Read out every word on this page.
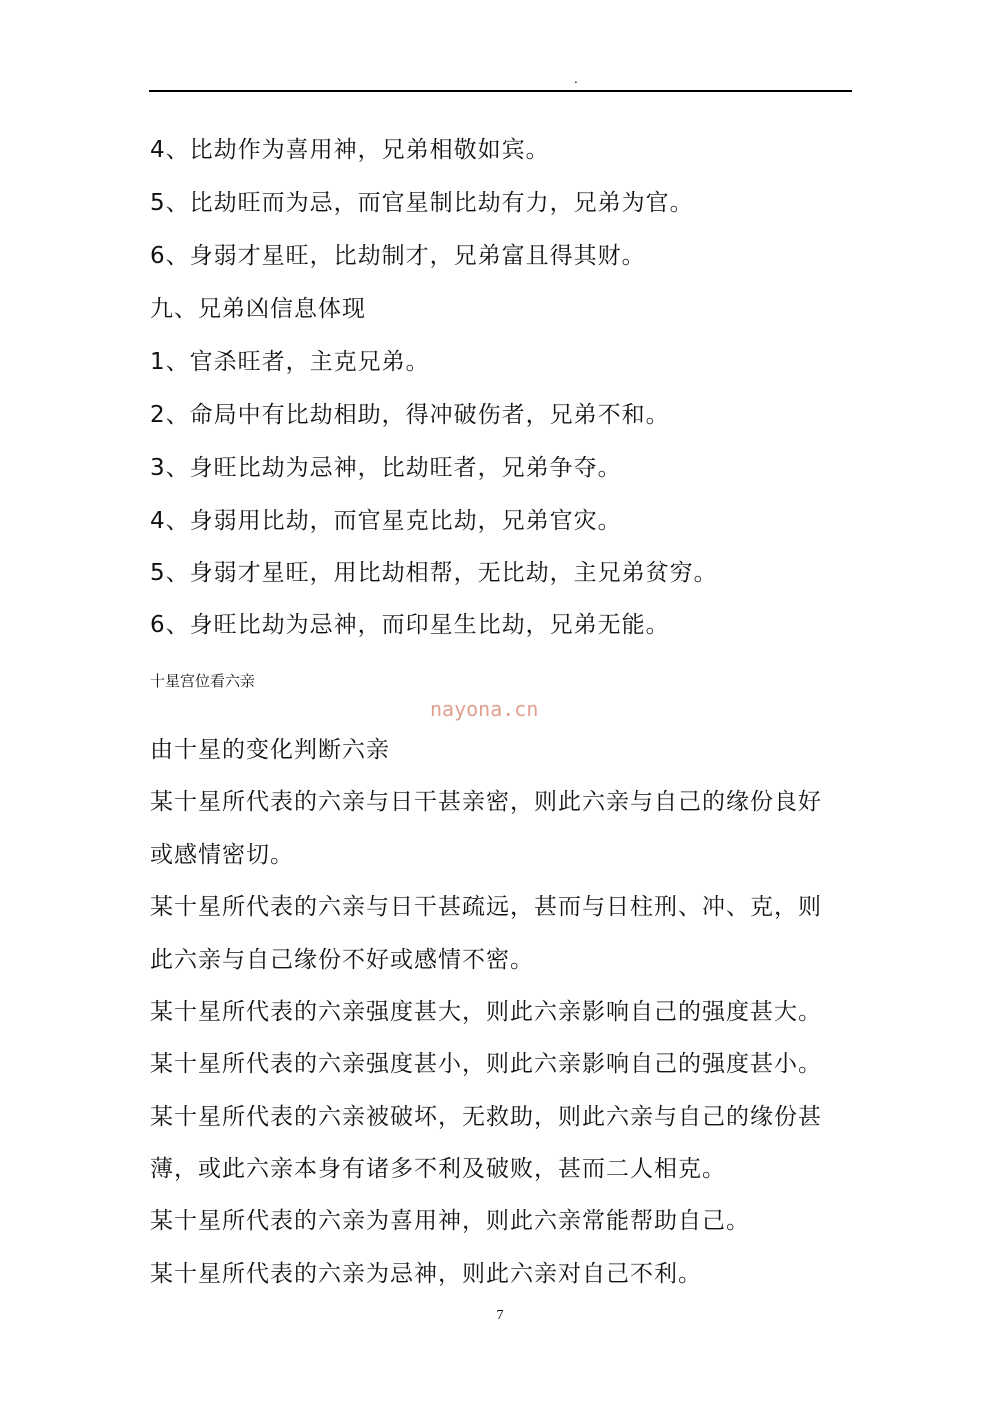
.
4、比劫作为喜用神，兄弟相敬如宾。
5、比劫旺而为忌，而官星制比劫有力，兄弟为官。
6、身弱才星旺，比劫制才，兄弟富且得其财。
九、兄弟凶信息体现
1、官杀旺者，主克兄弟。
2、命局中有比劫相助，得冲破伤者，兄弟不和。
3、身旺比劫为忌神，比劫旺者，兄弟争夺。
4、身弱用比劫，而官星克比劫，兄弟官灾。
5、身弱才星旺，用比劫相帮，无比劫，主兄弟贫穷。
6、身旺比劫为忌神，而印星生比劫，兄弟无能。
十星宫位看六亲
nayona.cn
由十星的变化判断六亲
某十星所代表的六亲与日干甚亲密，则此六亲与自己的缘份良好
或感情密切。
某十星所代表的六亲与日干甚疏远，甚而与日柱刑、冲、克，则
此六亲与自己缘份不好或感情不密。
某十星所代表的六亲强度甚大，则此六亲影响自己的强度甚大。
某十星所代表的六亲强度甚小，则此六亲影响自己的强度甚小。
某十星所代表的六亲被破坏，无救助，则此六亲与自己的缘份甚
薄，或此六亲本身有诸多不利及破败，甚而二人相克。
某十星所代表的六亲为喜用神，则此六亲常能帮助自己。
某十星所代表的六亲为忌神，则此六亲对自己不利。
7
